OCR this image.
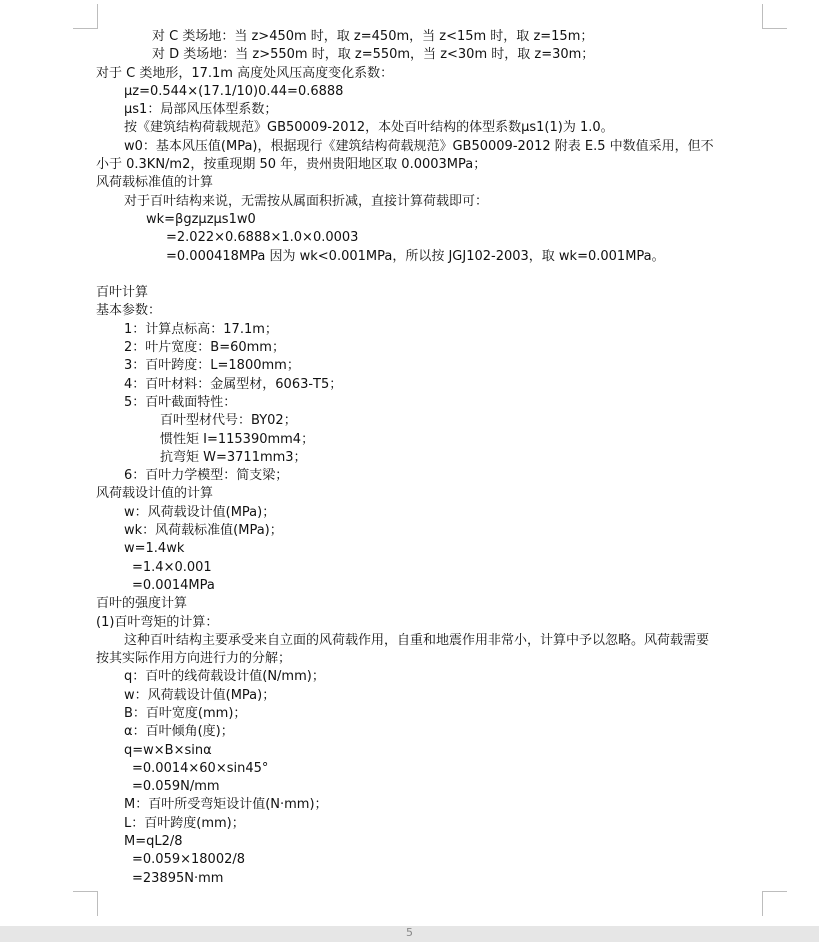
对 C 类场地：当 z>450m 时，取 z=450m，当 z<15m 时，取 z=15m；
对 D 类场地：当 z>550m 时，取 z=550m，当 z<30m 时，取 z=30m；
对于 C 类地形，17.1m 高度处风压高度变化系数：
μz=0.544×(17.1/10)0.44=0.6888
μs1：局部风压体型系数；
按《建筑结构荷载规范》GB50009-2012，本处百叶结构的体型系数μs1(1)为 1.0。
w0：基本风压值(MPa)，根据现行《建筑结构荷载规范》GB50009-2012 附表 E.5 中数值采用，但不
小于 0.3KN/m2，按重现期 50 年，贵州贵阳地区取 0.0003MPa；
风荷载标准值的计算
对于百叶结构来说，无需按从属面积折减，直接计算荷载即可：
wk=βgzμzμs1w0
=2.022×0.6888×1.0×0.0003
=0.000418MPa 因为 wk<0.001MPa，所以按 JGJ102-2003，取 wk=0.001MPa。
百叶计算
基本参数：
1：计算点标高：17.1m；
2：叶片宽度：B=60mm；
3：百叶跨度：L=1800mm；
4：百叶材料：金属型材，6063-T5；
5：百叶截面特性：
百叶型材代号：BY02；
惯性矩 I=115390mm4；
抗弯矩 W=3711mm3；
6：百叶力学模型：简支梁；
风荷载设计值的计算
w：风荷载设计值(MPa)；
wk：风荷载标准值(MPa)；
w=1.4wk
=1.4×0.001
=0.0014MPa
百叶的强度计算
(1)百叶弯矩的计算：
这种百叶结构主要承受来自立面的风荷载作用，自重和地震作用非常小，计算中予以忽略。风荷载需要
按其实际作用方向进行力的分解；
q：百叶的线荷载设计值(N/mm)；
w：风荷载设计值(MPa)；
B：百叶宽度(mm)；
α：百叶倾角(度)；
q=w×B×sinα
=0.0014×60×sin45°
=0.059N/mm
M：百叶所受弯矩设计值(N·mm)；
L：百叶跨度(mm)；
M=qL2/8
=0.059×18002/8
=23895N·mm
5
